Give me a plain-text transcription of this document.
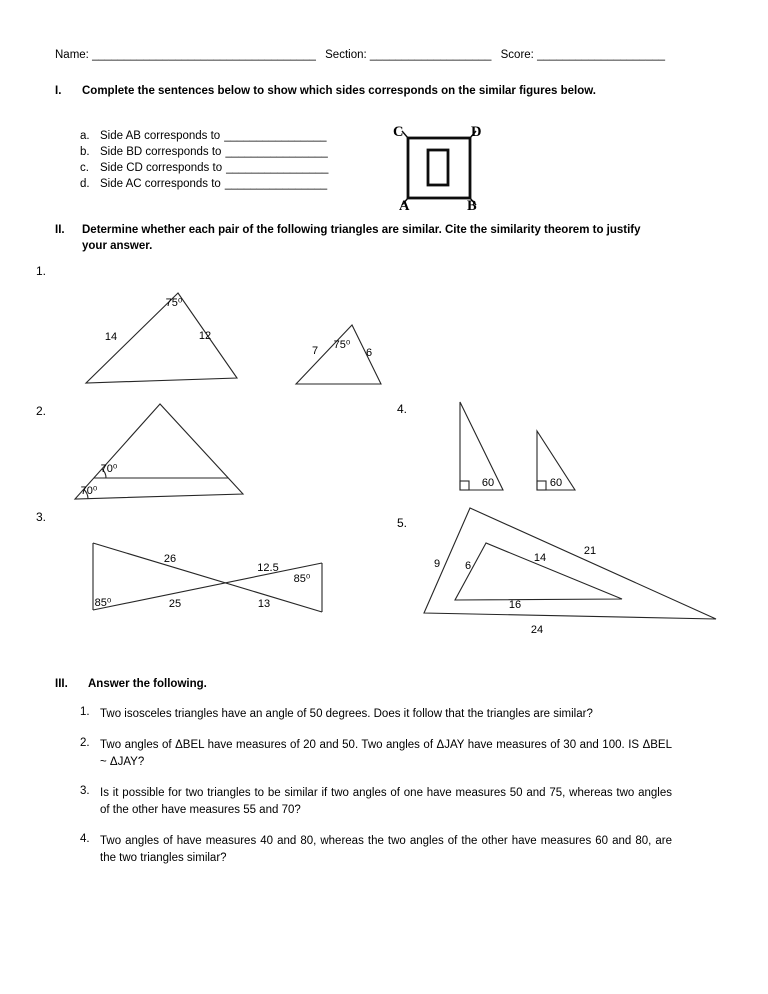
Name: ___________________________________ Section: ___________________ Score: ____________________
I.	Complete the sentences below to show which sides corresponds on the similar figures below.
a. Side AB corresponds to ________________
b. Side BD corresponds to ________________
c. Side CD corresponds to ________________
d. Side AC corresponds to ________________
C	D
A	B
II.	Determine whether each pair of the following triangles are similar. Cite the similarity theorem to justify your answer.
1.
2.
3.
4.
5.
75⁰
14	12
7 75⁰
6
70⁰
70⁰
60	60
26
12.5
85⁰
85⁰	25	13
9 6
14
21
16
24
III.	Answer the following.
1. Two isosceles triangles have an angle of 50 degrees. Does it follow that the triangles are similar?
2. Two angles of ΔBEL have measures of 20 and 50. Two angles of ΔJAY have measures of 30 and 100. IS ΔBEL ~ ΔJAY?
3. Is it possible for two triangles to be similar if two angles of one have measures 50 and 75, whereas two angles of the other have measures 55 and 70?
4. Two angles of have measures 40 and 80, whereas the two angles of the other have measures 60 and 80, are the two triangles similar?
